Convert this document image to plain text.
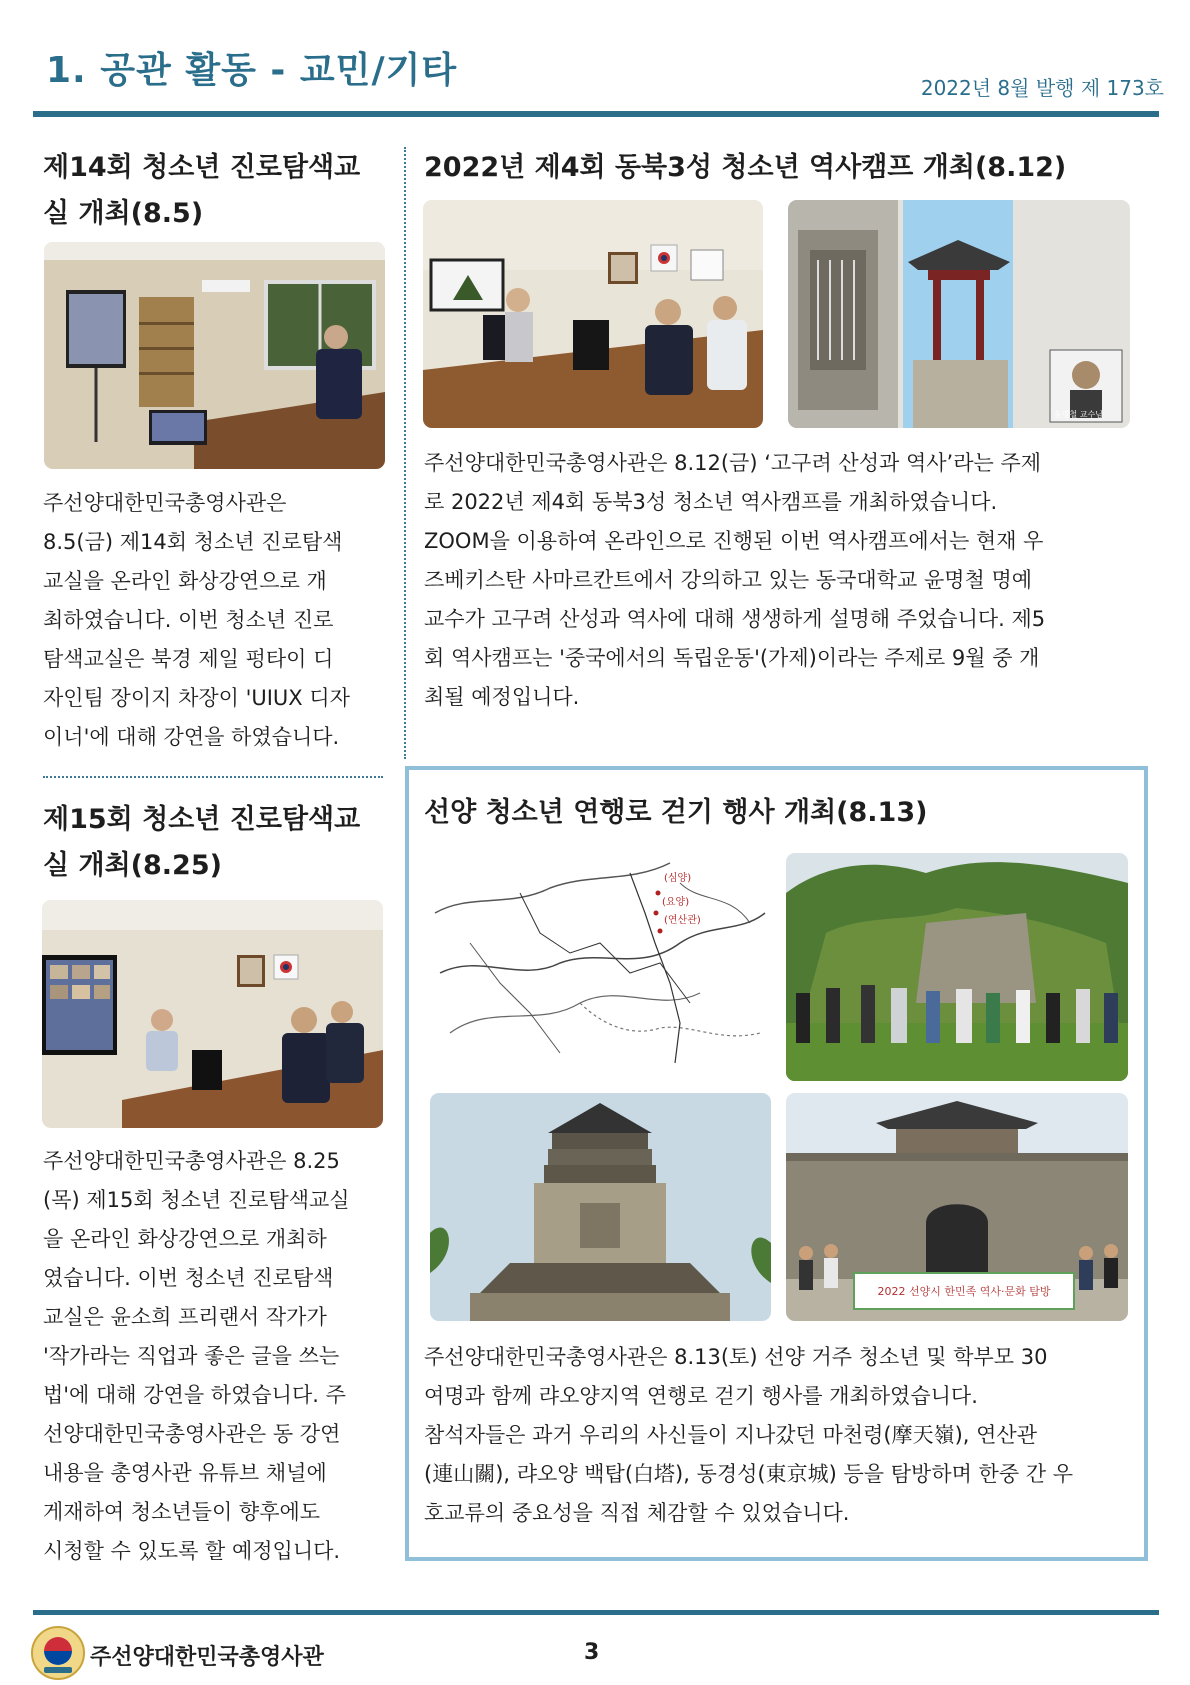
1. 공관 활동 - 교민/기타	2022년 8월 발행 제 173호
제14회 청소년 진로탐색교
실 개최(8.5)
주선양대한민국총영사관은
8.5(금) 제14회 청소년 진로탐색
교실을 온라인 화상강연으로 개
최하였습니다. 이번 청소년 진로
탐색교실은 북경 제일 펑타이 디
자인팀 장이지 차장이 'UIUX 디자
이너'에 대해 강연을 하였습니다.
2022년 제4회 동북3성 청소년 역사캠프 개최(8.12)
윤명철 교수님
주선양대한민국총영사관은 8.12(금) ‘고구려 산성과 역사’라는 주제
로 2022년 제4회 동북3성 청소년 역사캠프를 개최하였습니다.
ZOOM을 이용하여 온라인으로 진행된 이번 역사캠프에서는 현재 우
즈베키스탄 사마르칸트에서 강의하고 있는 동국대학교 윤명철 명예
교수가 고구려 산성과 역사에 대해 생생하게 설명해 주었습니다. 제5
회 역사캠프는 '중국에서의 독립운동'(가제)이라는 주제로 9월 중 개
최될 예정입니다.
제15회 청소년 진로탐색교
실 개최(8.25)
주선양대한민국총영사관은 8.25
(목) 제15회 청소년 진로탐색교실
을 온라인 화상강연으로 개최하
였습니다. 이번 청소년 진로탐색
교실은 윤소희 프리랜서 작가가
'작가라는 직업과 좋은 글을 쓰는
법'에 대해 강연을 하였습니다. 주
선양대한민국총영사관은 동 강연
내용을 총영사관 유튜브 채널에
게재하여 청소년들이 향후에도
시청할 수 있도록 할 예정입니다.
선양 청소년 연행로 걷기 행사 개최(8.13)
(심양)
(요양)
(연산관)
2022 선양시 한민족 역사·문화 탐방
주선양대한민국총영사관은 8.13(토) 선양 거주 청소년 및 학부모 30
여명과 함께 랴오양지역 연행로 걷기 행사를 개최하였습니다.
참석자들은 과거 우리의 사신들이 지나갔던 마천령(摩天嶺), 연산관
(連山關), 랴오양 백탑(白塔), 동경성(東京城) 등을 탐방하며 한중 간 우
호교류의 중요성을 직접 체감할 수 있었습니다.
주선양대한민국총영사관	3
